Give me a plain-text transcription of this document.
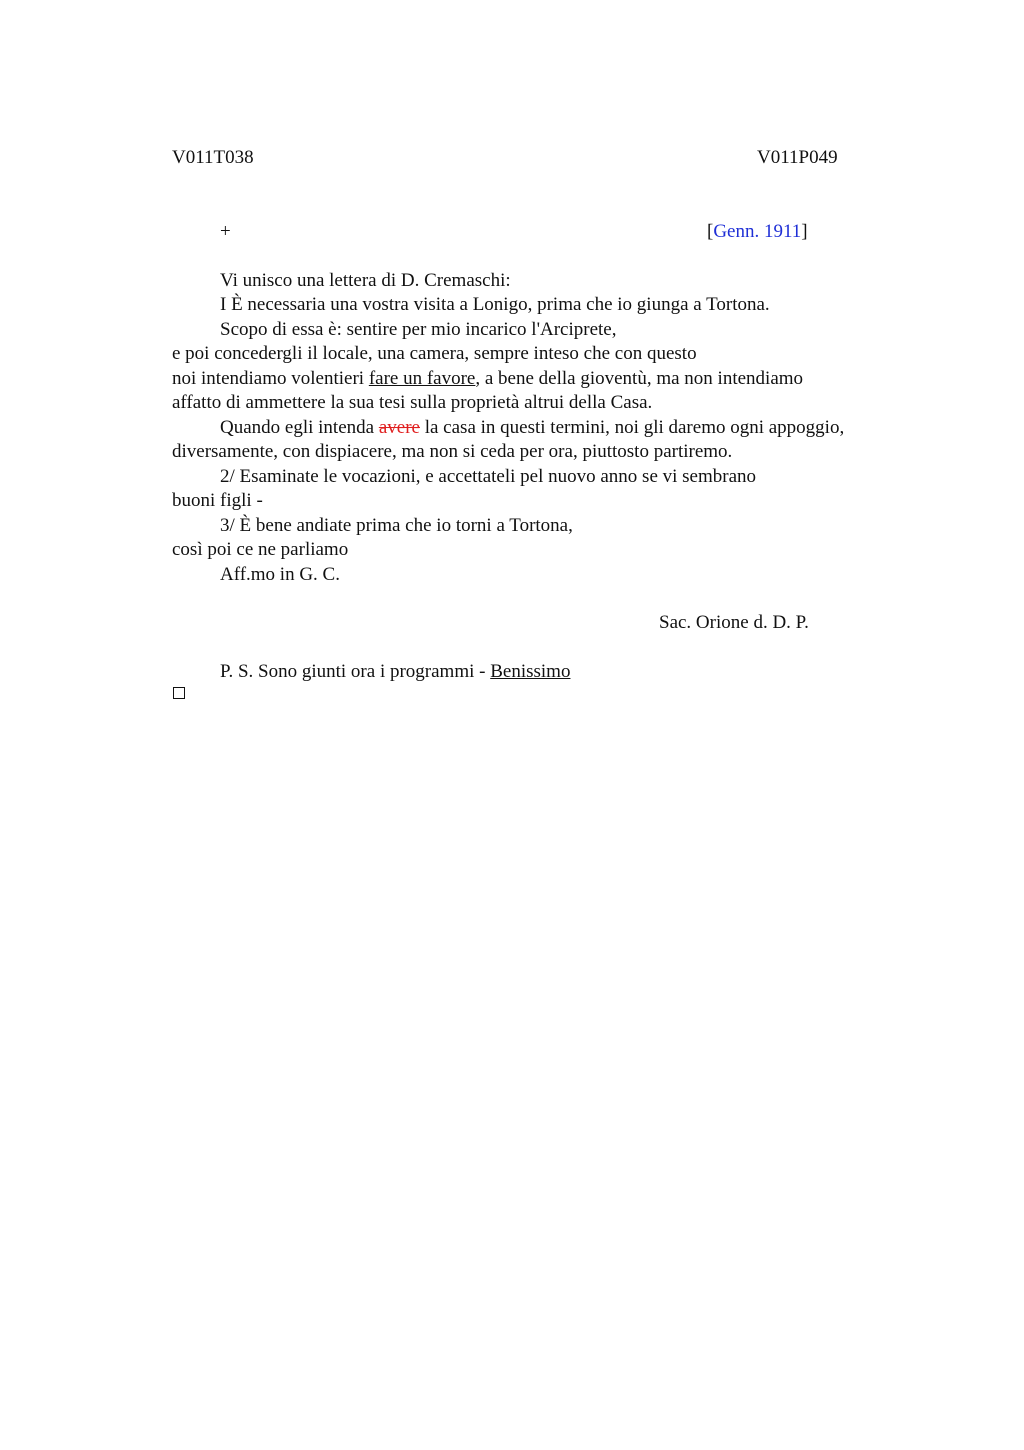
V011T038	V011P049
+	[Genn. 1911]
Vi unisco una lettera di D. Cremaschi:
I È necessaria una vostra visita a Lonigo, prima che io giunga a Tortona.
Scopo di essa è: sentire per mio incarico l'Arciprete,
e poi concedergli il locale, una camera, sempre inteso che con questo
noi intendiamo volentieri fare un favore, a bene della gioventù, ma non intendiamo
affatto di ammettere la sua tesi sulla proprietà altrui della Casa.
Quando egli intenda avere la casa in questi termini, noi gli daremo ogni appoggio,
diversamente, con dispiacere, ma non si ceda per ora, piuttosto partiremo.
2/ Esaminate le vocazioni, e accettateli pel nuovo anno se vi sembrano
buoni figli -
3/ È bene andiate prima che io torni a Tortona,
così poi ce ne parliamo
Aff.mo in G. C.
Sac. Orione d. D. P.
P. S. Sono giunti ora i programmi - Benissimo
